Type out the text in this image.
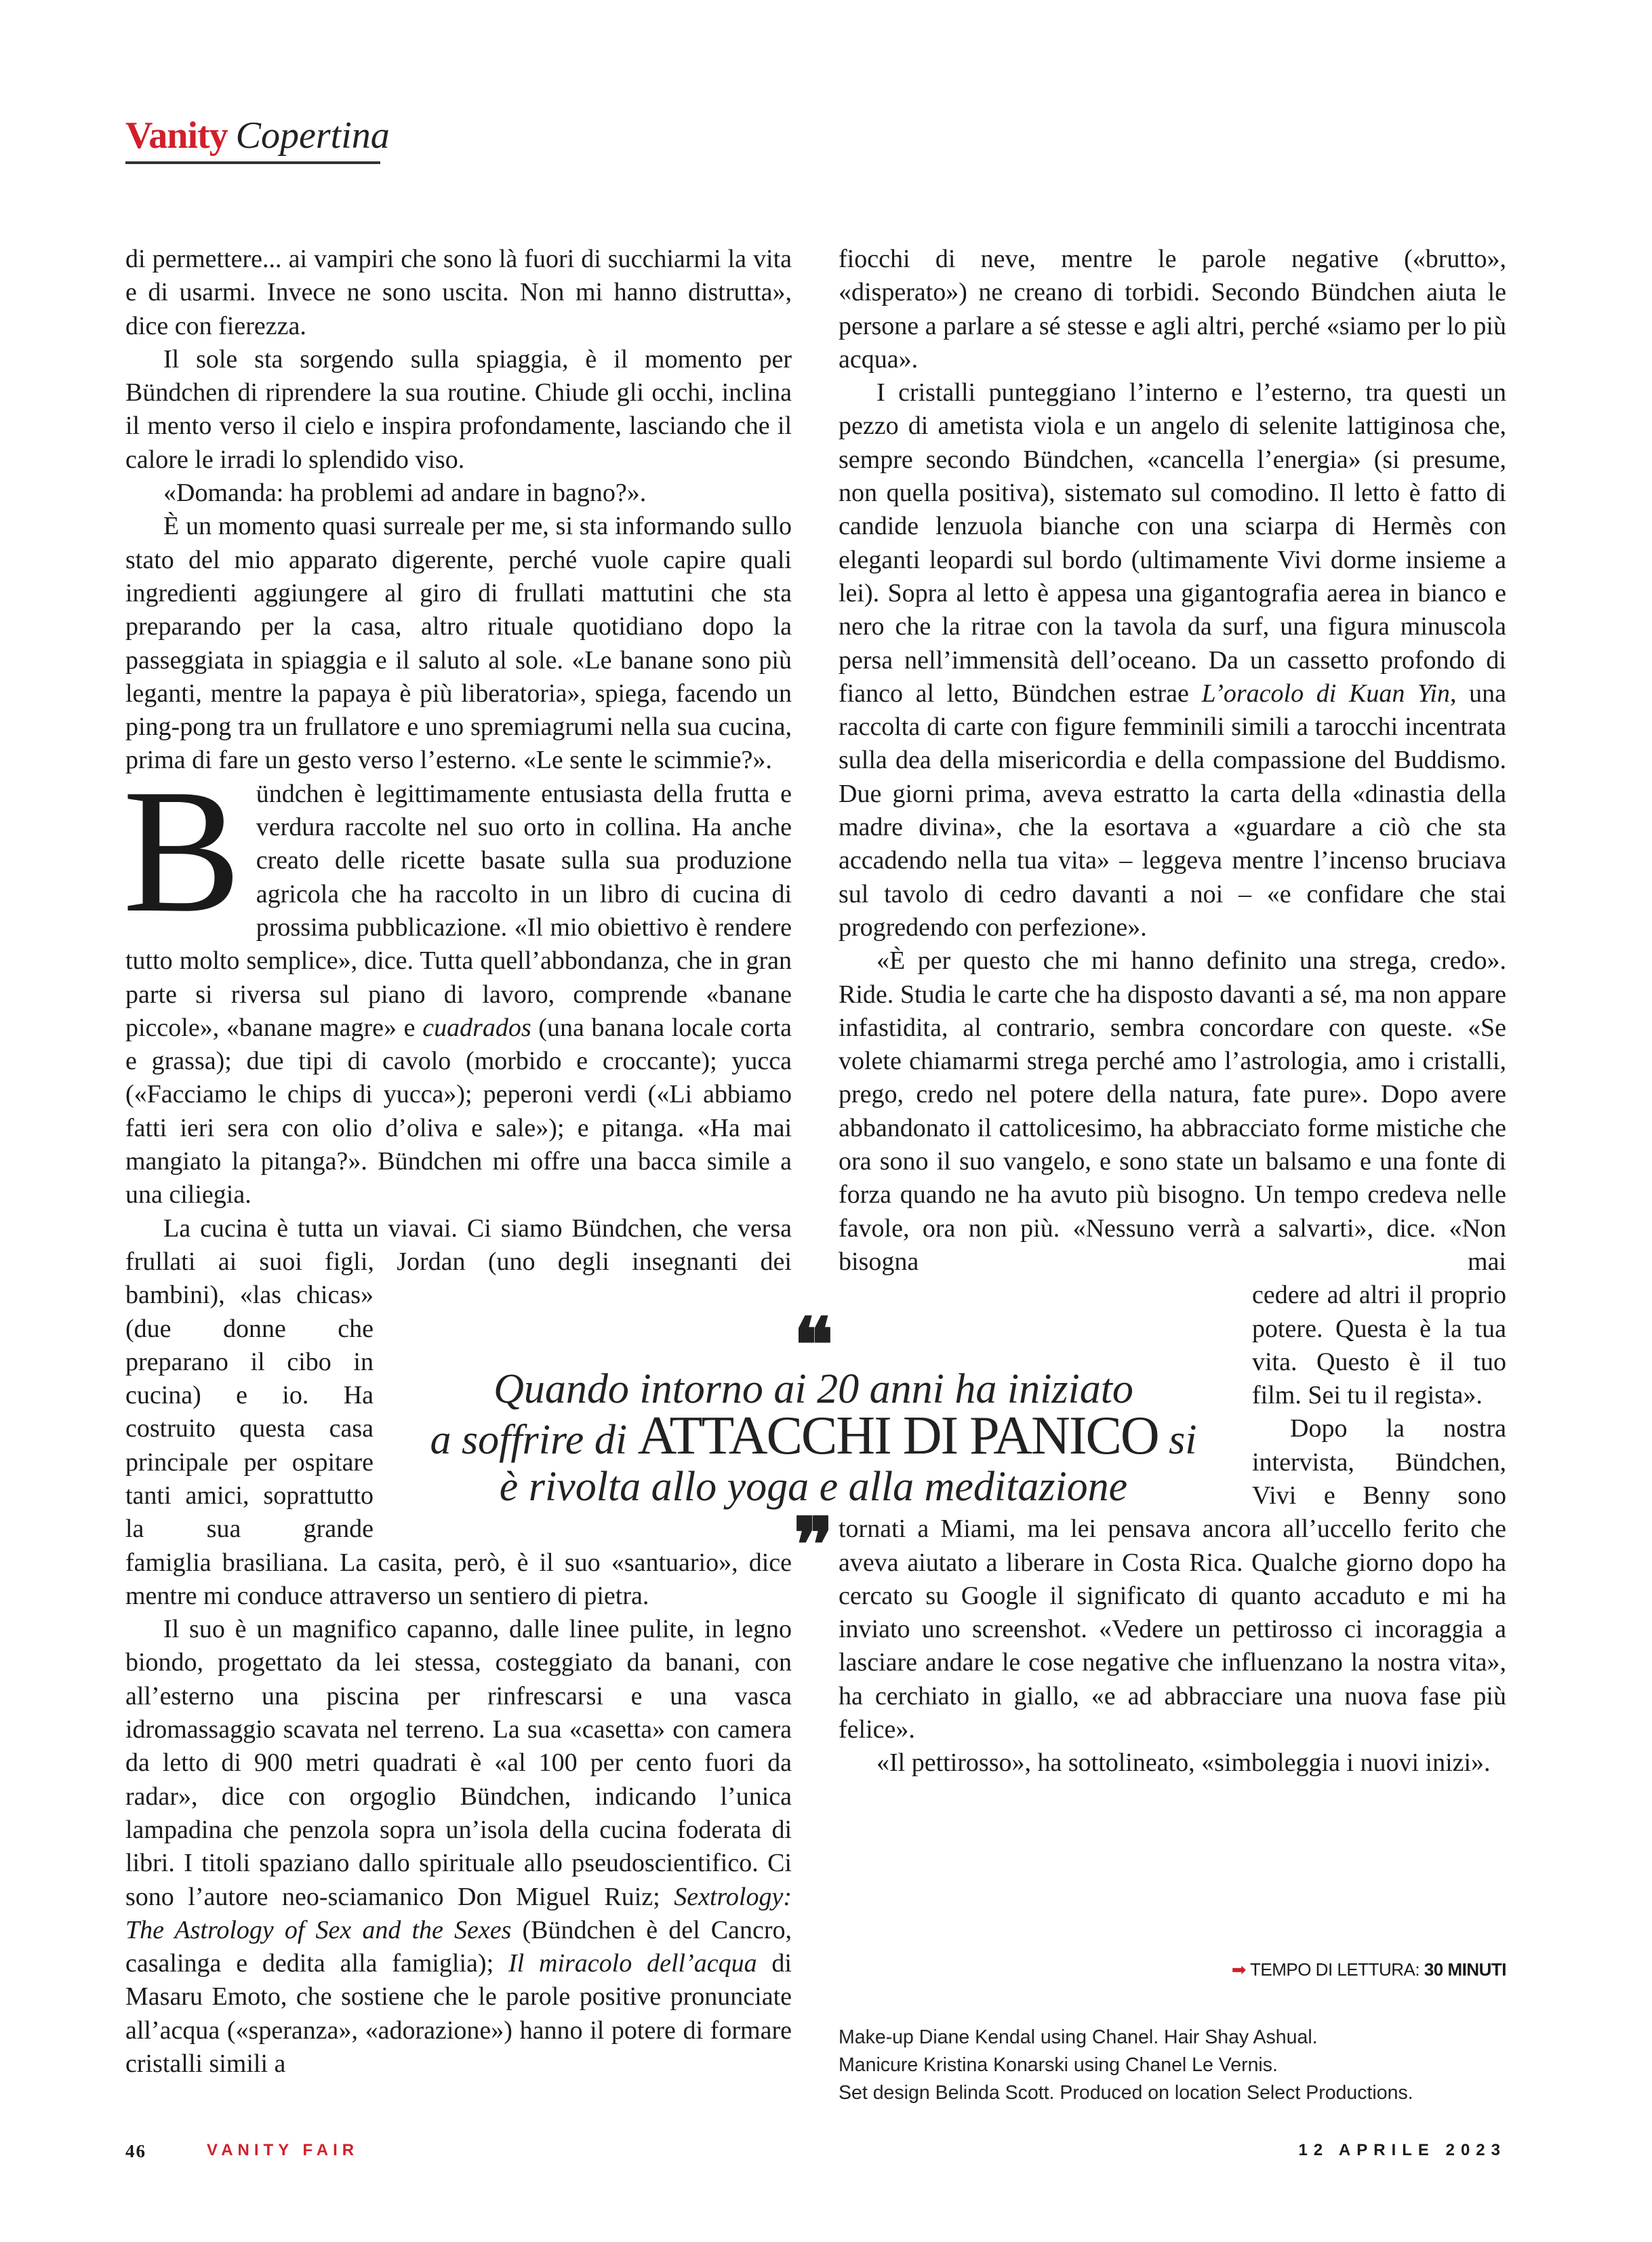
Vanity Copertina

di permettere... ai vampiri che sono là fuori di succhiarmi la vita e di usarmi. Invece ne sono uscita. Non mi hanno distrutta», dice con fierezza.

Il sole sta sorgendo sulla spiaggia, è il momento per Bündchen di riprendere la sua routine. Chiude gli occhi, inclina il mento verso il cielo e inspira profondamente, lasciando che il calore le irradi lo splendido viso.

«Domanda: ha problemi ad andare in bagno?».

È un momento quasi surreale per me, si sta informando sullo stato del mio apparato digerente, perché vuole capire quali ingredienti aggiungere al giro di frullati mattutini che sta preparando per la casa, altro rituale quotidiano dopo la passeggiata in spiaggia e il saluto al sole. «Le banane sono più leganti, mentre la papaya è più liberatoria», spiega, facendo un ping-pong tra un frullatore e uno spremiagrumi nella sua cucina, prima di fare un gesto verso l’esterno. «Le sente le scimmie?».

Bündchen è legittimamente entusiasta della frutta e verdura raccolte nel suo orto in collina. Ha anche creato delle ricette basate sulla sua produzione agricola che ha raccolto in un libro di cucina di prossima pubblicazione. «Il mio obiettivo è rendere tutto molto semplice», dice. Tutta quell’abbondanza, che in gran parte si riversa sul piano di lavoro, comprende «banane piccole», «banane magre» e cuadrados (una banana locale corta e grassa); due tipi di cavolo (morbido e croccante); yucca («Facciamo le chips di yucca»); peperoni verdi («Li abbiamo fatti ieri sera con olio d’oliva e sale»); e pitanga. «Ha mai mangiato la pitanga?». Bündchen mi offre una bacca simile a una ciliegia.

La cucina è tutta un viavai. Ci siamo Bündchen, che versa frullati ai suoi figli, Jordan (uno degli insegnanti dei

bambini), «las chicas» (due donne che preparano il cibo in cucina) e io. Ha costruito questa casa principale per ospitare tanti amici, soprattutto la sua grande

famiglia brasiliana. La casita, però, è il suo «santuario», dice mentre mi conduce attraverso un sentiero di pietra.

Il suo è un magnifico capanno, dalle linee pulite, in legno biondo, progettato da lei stessa, costeggiato da banani, con all’esterno una piscina per rinfrescarsi e una vasca idromassaggio scavata nel terreno. La sua «casetta» con camera da letto di 900 metri quadrati è «al 100 per cento fuori da radar», dice con orgoglio Bündchen, indicando l’unica lampadina che penzola sopra un’isola della cucina foderata di libri. I titoli spaziano dallo spirituale allo pseudoscientifico. Ci sono l’autore neo-sciamanico Don Miguel Ruiz; Sextrology: The Astrology of Sex and the Sexes (Bündchen è del Cancro, casalinga e dedita alla famiglia); Il miracolo dell’acqua di Masaru Emoto, che sostiene che le parole positive pronunciate all’acqua («speranza», «adorazione») hanno il potere di formare cristalli simili a

fiocchi di neve, mentre le parole negative («brutto», «disperato») ne creano di torbidi. Secondo Bündchen aiuta le persone a parlare a sé stesse e agli altri, perché «siamo per lo più acqua».

I cristalli punteggiano l’interno e l’esterno, tra questi un pezzo di ametista viola e un angelo di selenite lattiginosa che, sempre secondo Bündchen, «cancella l’energia» (si presume, non quella positiva), sistemato sul comodino. Il letto è fatto di candide lenzuola bianche con una sciarpa di Hermès con eleganti leopardi sul bordo (ultimamente Vivi dorme insieme a lei). Sopra al letto è appesa una gigantografia aerea in bianco e nero che la ritrae con la tavola da surf, una figura minuscola persa nell’immensità dell’oceano. Da un cassetto profondo di fianco al letto, Bündchen estrae L’oracolo di Kuan Yin, una raccolta di carte con figure femminili simili a tarocchi incentrata sulla dea della misericordia e della compassione del Buddismo. Due giorni prima, aveva estratto la carta della «dinastia della madre divina», che la esortava a «guardare a ciò che sta accadendo nella tua vita» – leggeva mentre l’incenso bruciava sul tavolo di cedro davanti a noi – «e confidare che stai progredendo con perfezione».

«È per questo che mi hanno definito una strega, credo». Ride. Studia le carte che ha disposto davanti a sé, ma non appare infastidita, al contrario, sembra concordare con queste. «Se volete chiamarmi strega perché amo l’astrologia, amo i cristalli, prego, credo nel potere della natura, fate pure». Dopo avere abbandonato il cattolicesimo, ha abbracciato forme mistiche che ora sono il suo vangelo, e sono state un balsamo e una fonte di forza quando ne ha avuto più bisogno. Un tempo credeva nelle favole, ora non più. «Nessuno verrà a salvarti», dice. «Non bisogna mai

cedere ad altri il proprio potere. Questa è la tua vita. Questo è il tuo film. Sei tu il regista».

Dopo la nostra intervista, Bündchen, Vivi e Benny sono

tornati a Miami, ma lei pensava ancora all’uccello ferito che aveva aiutato a liberare in Costa Rica. Qualche giorno dopo ha cercato su Google il significato di quanto accaduto e mi ha inviato uno screenshot. «Vedere un pettirosso ci incoraggia a lasciare andare le cose negative che influenzano la nostra vita», ha cerchiato in giallo, «e ad abbracciare una nuova fase più felice».

«Il pettirosso», ha sottolineato, «simboleggia i nuovi inizi».

❝
Quando intorno ai 20 anni ha iniziato
a soffrire di ATTACCHI DI PANICO si
è rivolta allo yoga e alla meditazione
❞
➡ TEMPO DI LETTURA: 30 MINUTI
Make-up Diane Kendal using Chanel. Hair Shay Ashual.
Manicure Kristina Konarski using Chanel Le Vernis.
Set design Belinda Scott. Produced on location Select Productions.
46	VANITY FAIR	12 APRILE 2023
